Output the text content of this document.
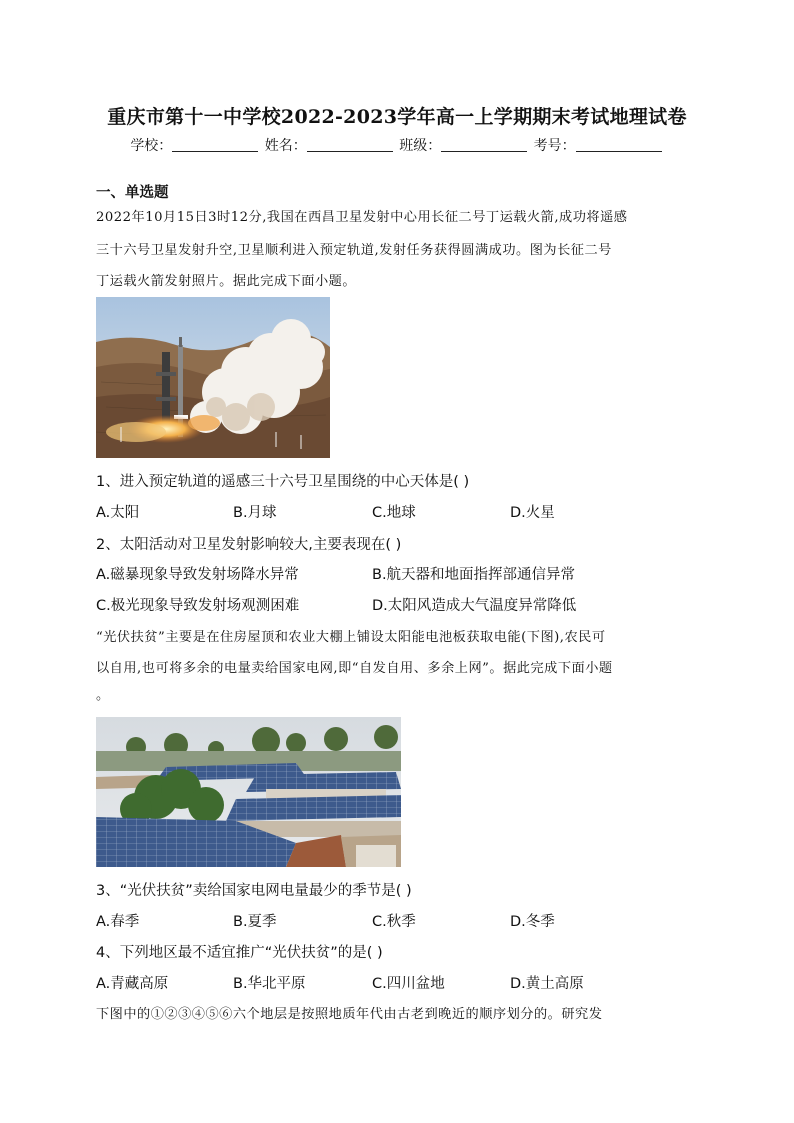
重庆市第十一中学校2022-2023学年高一上学期期末考试地理试卷
学校：	姓名：	班级：	考号：
一、单选题
2022年10月15日3时12分,我国在西昌卫星发射中心用长征二号丁运载火箭,成功将遥感
三十六号卫星发射升空,卫星顺利进入预定轨道,发射任务获得圆满成功。图为长征二号
丁运载火箭发射照片。据此完成下面小题。
1、进入预定轨道的遥感三十六号卫星围绕的中心天体是( )
A.太阳	B.月球	C.地球	D.火星
2、太阳活动对卫星发射影响较大,主要表现在( )
A.磁暴现象导致发射场降水异常	B.航天器和地面指挥部通信异常
C.极光现象导致发射场观测困难	D.太阳风造成大气温度异常降低
“光伏扶贫”主要是在住房屋顶和农业大棚上铺设太阳能电池板获取电能(下图),农民可
以自用,也可将多余的电量卖给国家电网,即“自发自用、多余上网”。据此完成下面小题
。
3、“光伏扶贫”卖给国家电网电量最少的季节是( )
A.春季	B.夏季	C.秋季	D.冬季
4、下列地区最不适宜推广“光伏扶贫”的是( )
A.青藏高原	B.华北平原	C.四川盆地	D.黄土高原
下图中的①②③④⑤⑥六个地层是按照地质年代由古老到晚近的顺序划分的。研究发
